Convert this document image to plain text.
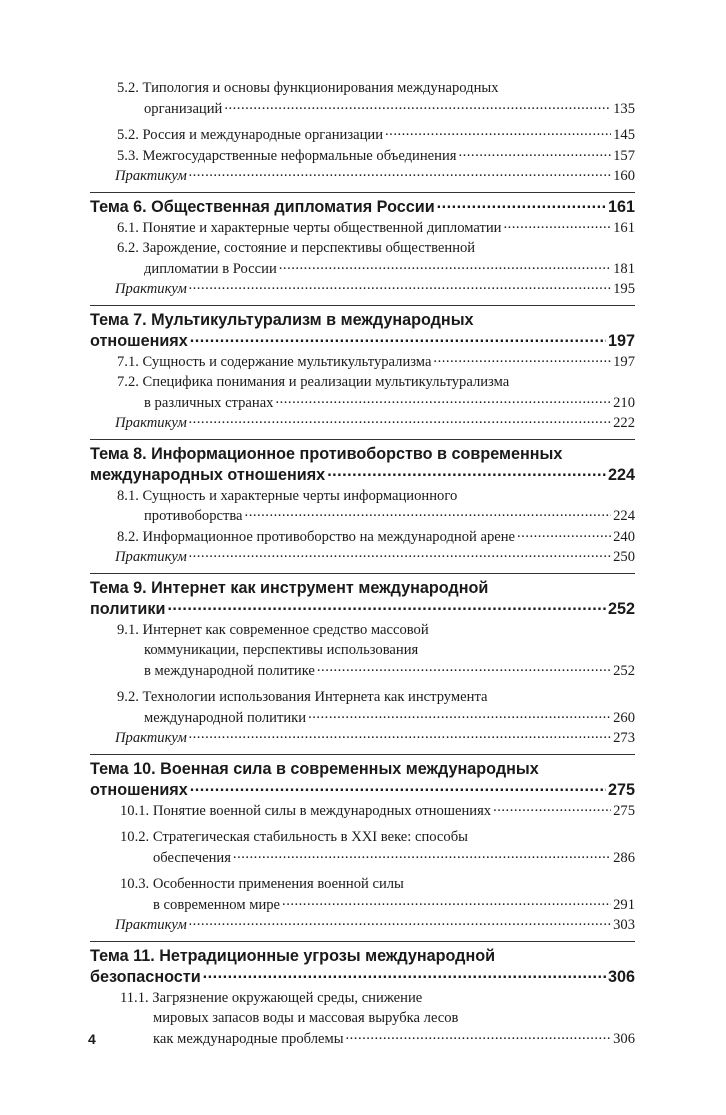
5.2. Типология и основы функционирования международных
организаций .....	135
5.2. Россия и международные организации .....	145
5.3. Межгосударственные неформальные объединения .....	157
Практикум .....	160
Тема 6. Общественная дипломатия России .....	161
6.1. Понятие и характерные черты общественной дипломатии .....	161
6.2. Зарождение, состояние и перспективы общественной
дипломатии в России .....	181
Практикум .....	195
Тема 7. Мультикультурализм в международных
отношениях .....	197
7.1. Сущность и содержание мультикультурализма .....	197
7.2. Специфика понимания и реализации мультикультурализма
в различных странах .....	210
Практикум .....	222
Тема 8. Информационное противоборство в современных
международных отношениях .....	224
8.1. Сущность и характерные черты информационного
противоборства .....	224
8.2. Информационное противоборство на международной арене .....	240
Практикум .....	250
Тема 9. Интернет как инструмент международной
политики .....	252
9.1. Интернет как современное средство массовой
коммуникации, перспективы использования
в международной политике .....	252
9.2. Технологии использования Интернета как инструмента
международной политики .....	260
Практикум .....	273
Тема 10. Военная сила в современных международных
отношениях .....	275
10.1. Понятие военной силы в международных отношениях .....	275
10.2. Стратегическая стабильность в XXI веке: способы
обеспечения .....	286
10.3. Особенности применения военной силы
в современном мире .....	291
Практикум .....	303
Тема 11. Нетрадиционные угрозы международной
безопасности .....	306
11.1. Загрязнение окружающей среды, снижение
мировых запасов воды и массовая вырубка лесов
как международные проблемы .....	306
4
